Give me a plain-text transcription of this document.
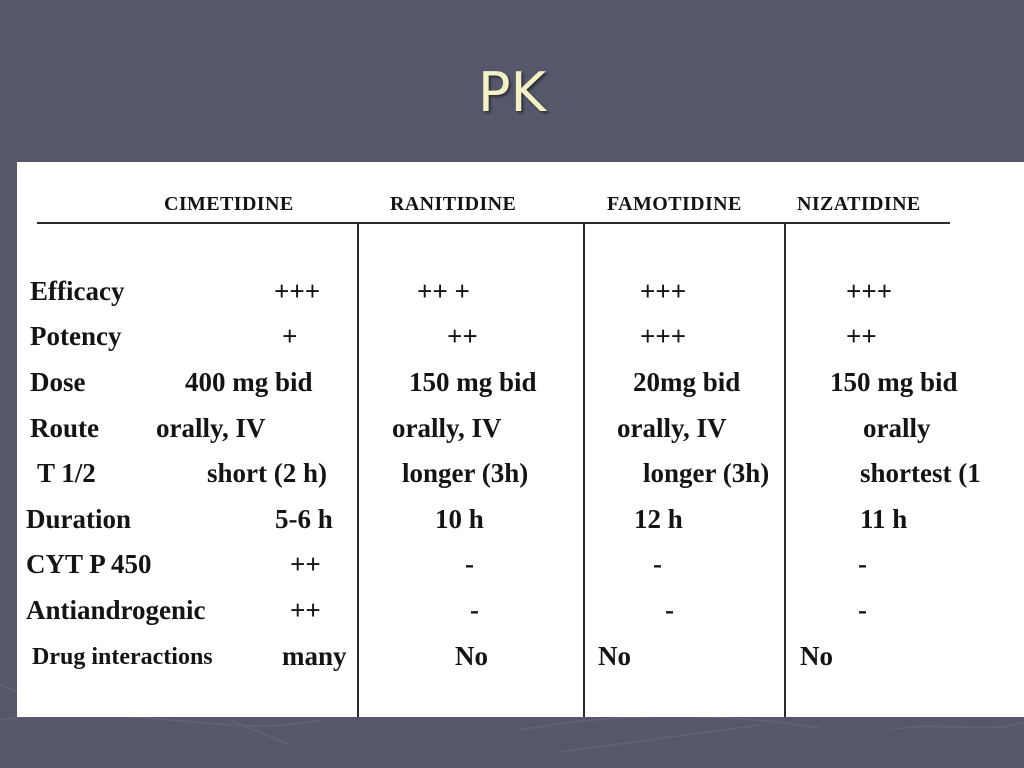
PK
CIMETIDINE	RANITIDINE	FAMOTIDINE	NIZATIDINE
Efficacy	+++	++ +	+++	+++
Potency	+	++	+++	++
Dose	400 mg bid	150 mg bid	20mg bid	150 mg bid
Route orally, IV	orally, IV	orally, IV	orally
T 1/2	short (2 h)	longer (3h)	longer (3h)	shortest (1
Duration	5-6 h	10 h	12 h	11 h
CYT P 450	++	-	-	-
Antiandrogenic	++	-	-	-
Drug interactions	many	No	No	No
